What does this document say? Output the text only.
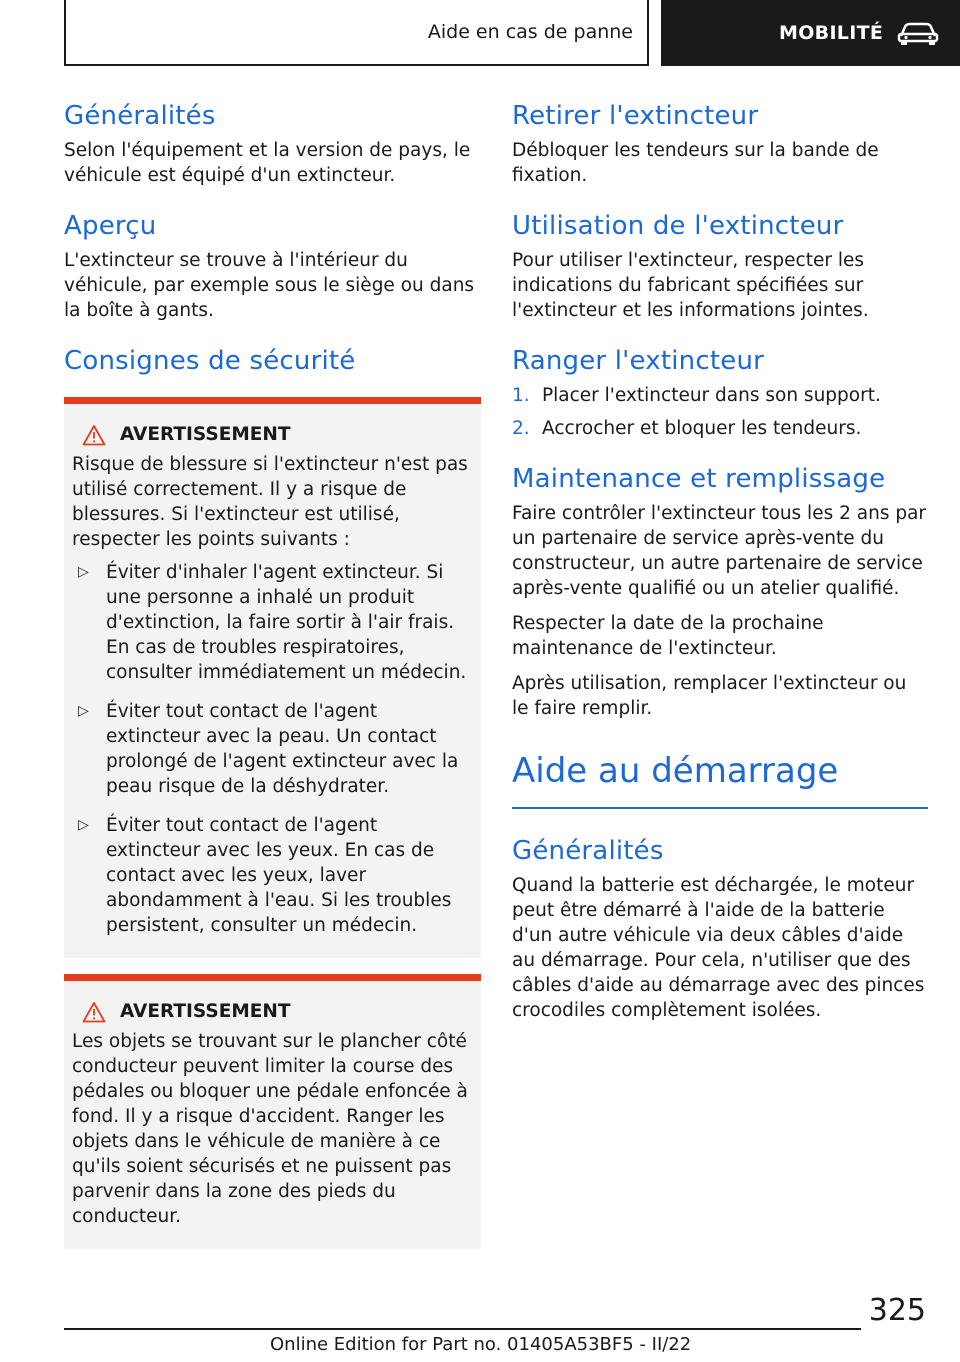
Aide en cas de panne	MOBILITÉ
Généralités

Selon l'équipement et la version de pays, le véhicule est équipé d'un extincteur.

Aperçu

L'extincteur se trouve à l'intérieur du véhicule, par exemple sous le siège ou dans la boîte à gants.

Consignes de sécurité
AVERTISSEMENT

Risque de blessure si l'extincteur n'est pas utilisé correctement. Il y a risque de blessures. Si l'extincteur est utilisé, respecter les points suivants :

▷ Éviter d'inhaler l'agent extincteur. Si une personne a inhalé un produit d'extinction, la faire sortir à l'air frais. En cas de troubles respiratoires, consulter immédiatement un médecin.
▷ Éviter tout contact de l'agent extincteur avec la peau. Un contact prolongé de l'agent extincteur avec la peau risque de la déshydrater.
▷ Éviter tout contact de l'agent extincteur avec les yeux. En cas de contact avec les yeux, laver abondamment à l'eau. Si les troubles persistent, consulter un médecin.
AVERTISSEMENT

Les objets se trouvant sur le plancher côté conducteur peuvent limiter la course des pédales ou bloquer une pédale enfoncée à fond. Il y a risque d'accident. Ranger les objets dans le véhicule de manière à ce qu'ils soient sécurisés et ne puissent pas parvenir dans la zone des pieds du conducteur.

Retirer l'extincteur

Débloquer les tendeurs sur la bande de fixation.

Utilisation de l'extincteur

Pour utiliser l'extincteur, respecter les indications du fabricant spécifiées sur l'extincteur et les informations jointes.

Ranger l'extincteur
1. Placer l'extincteur dans son support.
2. Accrocher et bloquer les tendeurs.
Maintenance et remplissage

Faire contrôler l'extincteur tous les 2 ans par un partenaire de service après-vente du constructeur, un autre partenaire de service après-vente qualifié ou un atelier qualifié.

Respecter la date de la prochaine maintenance de l'extincteur.

Après utilisation, remplacer l'extincteur ou le faire remplir.

Aide au démarrage
Généralités

Quand la batterie est déchargée, le moteur peut être démarré à l'aide de la batterie d'un autre véhicule via deux câbles d'aide au démarrage. Pour cela, n'utiliser que des câbles d'aide au démarrage avec des pinces crocodiles complètement isolées.

325
Online Edition for Part no. 01405A53BF5 - II/22
